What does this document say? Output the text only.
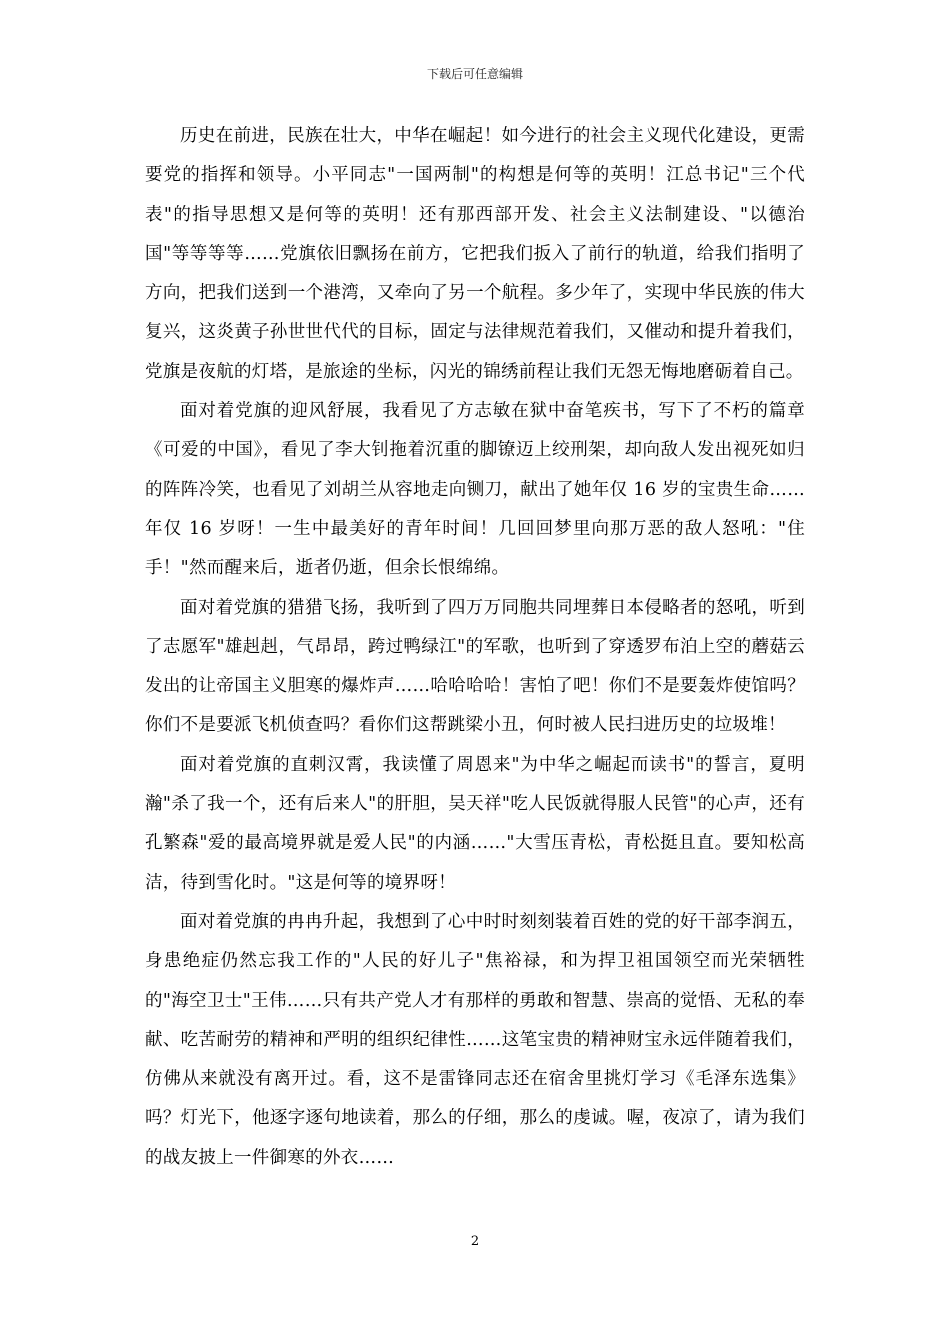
下载后可任意编辑

历史在前进，民族在壮大，中华在崛起！如今进行的社会主义现代化建设，更需要党的指挥和领导。小平同志"一国两制"的构想是何等的英明！江总书记"三个代表"的指导思想又是何等的英明！还有那西部开发、社会主义法制建设、"以德治国"等等等等……党旗依旧飘扬在前方，它把我们扳入了前行的轨道，给我们指明了方向，把我们送到一个港湾，又牵向了另一个航程。多少年了，实现中华民族的伟大复兴，这炎黄子孙世世代代的目标，固定与法律规范着我们，又催动和提升着我们，党旗是夜航的灯塔，是旅途的坐标，闪光的锦绣前程让我们无怨无悔地磨砺着自己。

面对着党旗的迎风舒展，我看见了方志敏在狱中奋笔疾书，写下了不朽的篇章《可爱的中国》，看见了李大钊拖着沉重的脚镣迈上绞刑架，却向敌人发出视死如归的阵阵冷笑，也看见了刘胡兰从容地走向铡刀，献出了她年仅 16 岁的宝贵生命……年仅 16 岁呀！一生中最美好的青年时间！几回回梦里向那万恶的敌人怒吼："住手！"然而醒来后，逝者仍逝，但余长恨绵绵。

面对着党旗的猎猎飞扬，我听到了四万万同胞共同埋葬日本侵略者的怒吼，听到了志愿军"雄赳赳，气昂昂，跨过鸭绿江"的军歌，也听到了穿透罗布泊上空的蘑菇云发出的让帝国主义胆寒的爆炸声……哈哈哈哈！害怕了吧！你们不是要轰炸使馆吗？你们不是要派飞机侦查吗？看你们这帮跳梁小丑，何时被人民扫进历史的垃圾堆！

面对着党旗的直刺汉霄，我读懂了周恩来"为中华之崛起而读书"的誓言，夏明瀚"杀了我一个，还有后来人"的肝胆，吴天祥"吃人民饭就得服人民管"的心声，还有孔繁森"爱的最高境界就是爱人民"的内涵……"大雪压青松，青松挺且直。要知松高洁，待到雪化时。"这是何等的境界呀！

面对着党旗的冉冉升起，我想到了心中时时刻刻装着百姓的党的好干部李润五，身患绝症仍然忘我工作的"人民的好儿子"焦裕禄，和为捍卫祖国领空而光荣牺牲的"海空卫士"王伟……只有共产党人才有那样的勇敢和智慧、崇高的觉悟、无私的奉献、吃苦耐劳的精神和严明的组织纪律性……这笔宝贵的精神财宝永远伴随着我们，仿佛从来就没有离开过。看，这不是雷锋同志还在宿舍里挑灯学习《毛泽东选集》吗？灯光下，他逐字逐句地读着，那么的仔细，那么的虔诚。喔，夜凉了，请为我们的战友披上一件御寒的外衣……

2
